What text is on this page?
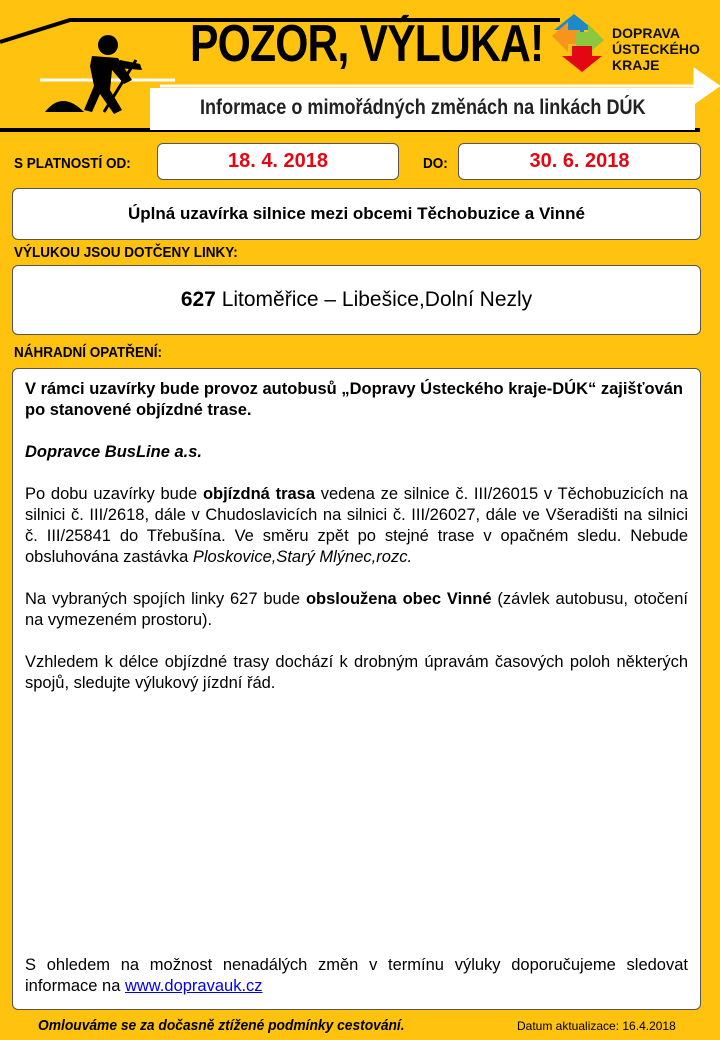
POZOR, VÝLUKA!
Informace o mimořádných změnách na linkách DÚK
DOPRAVA
ÚSTECKÉHO
KRAJE
S PLATNOSTÍ OD:	18. 4. 2018	DO:	30. 6. 2018
Úplná uzavírka silnice mezi obcemi Těchobuzice a Vinné
VÝLUKOU JSOU DOTČENY LINKY:
627 Litoměřice – Libešice,Dolní Nezly
NÁHRADNÍ OPATŘENÍ:

V rámci uzavírky bude provoz autobusů „Dopravy Ústeckého kraje-DÚK“ zajišťován po stanovené objízdné trase.

Dopravce BusLine a.s.

Po dobu uzavírky bude objízdná trasa vedena ze silnice č. III/26015 v Těchobuzicích na silnici č. III/2618, dále v Chudoslavicích na silnici č. III/26027, dále ve Všeradišti na silnici č. III/25841 do Třebušína. Ve směru zpět po stejné trase v opačném sledu. Nebude obsluhována zastávka Ploskovice,Starý Mlýnec,rozc.

Na vybraných spojích linky 627 bude obsloužena obec Vinné (závlek autobusu, otočení na vymezeném prostoru).

Vzhledem k délce objízdné trasy dochází k drobným úpravám časových poloh některých spojů, sledujte výlukový jízdní řád.

S ohledem na možnost nenadálých změn v termínu výluky doporučujeme sledovat informace na www.dopravauk.cz
Omlouváme se za dočasně ztížené podmínky cestování.	Datum aktualizace: 16.4.2018
